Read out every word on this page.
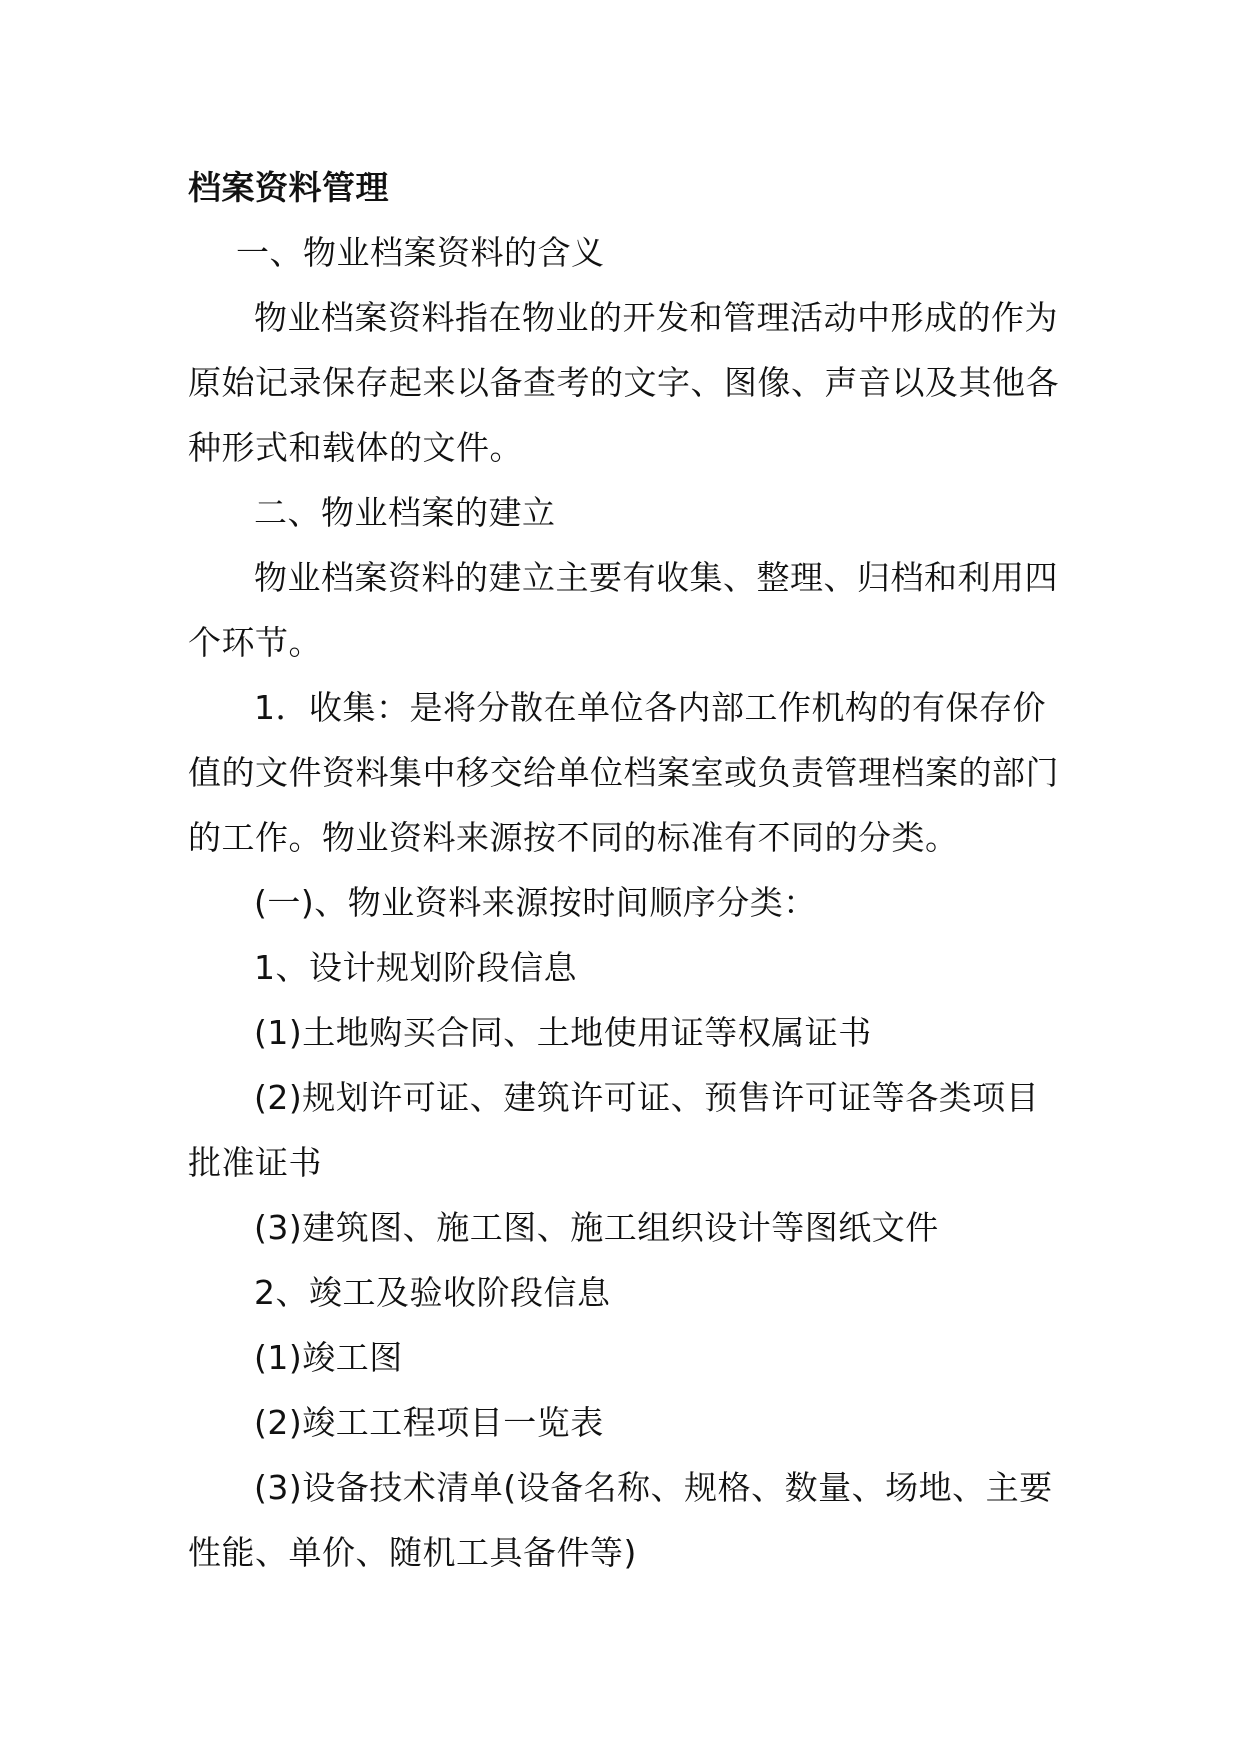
档案资料管理

一、物业档案资料的含义

物业档案资料指在物业的开发和管理活动中形成的作为原始记录保存起来以备查考的文字、图像、声音以及其他各种形式和载体的文件。

二、物业档案的建立

物业档案资料的建立主要有收集、整理、归档和利用四个环节。

1．收集：是将分散在单位各内部工作机构的有保存价值的文件资料集中移交给单位档案室或负责管理档案的部门的工作。物业资料来源按不同的标准有不同的分类。

(一)、物业资料来源按时间顺序分类：

1、设计规划阶段信息

(1)土地购买合同、土地使用证等权属证书

(2)规划许可证、建筑许可证、预售许可证等各类项目批准证书

(3)建筑图、施工图、施工组织设计等图纸文件

2、竣工及验收阶段信息

(1)竣工图

(2)竣工工程项目一览表

(3)设备技术清单(设备名称、规格、数量、场地、主要性能、单价、随机工具备件等)
